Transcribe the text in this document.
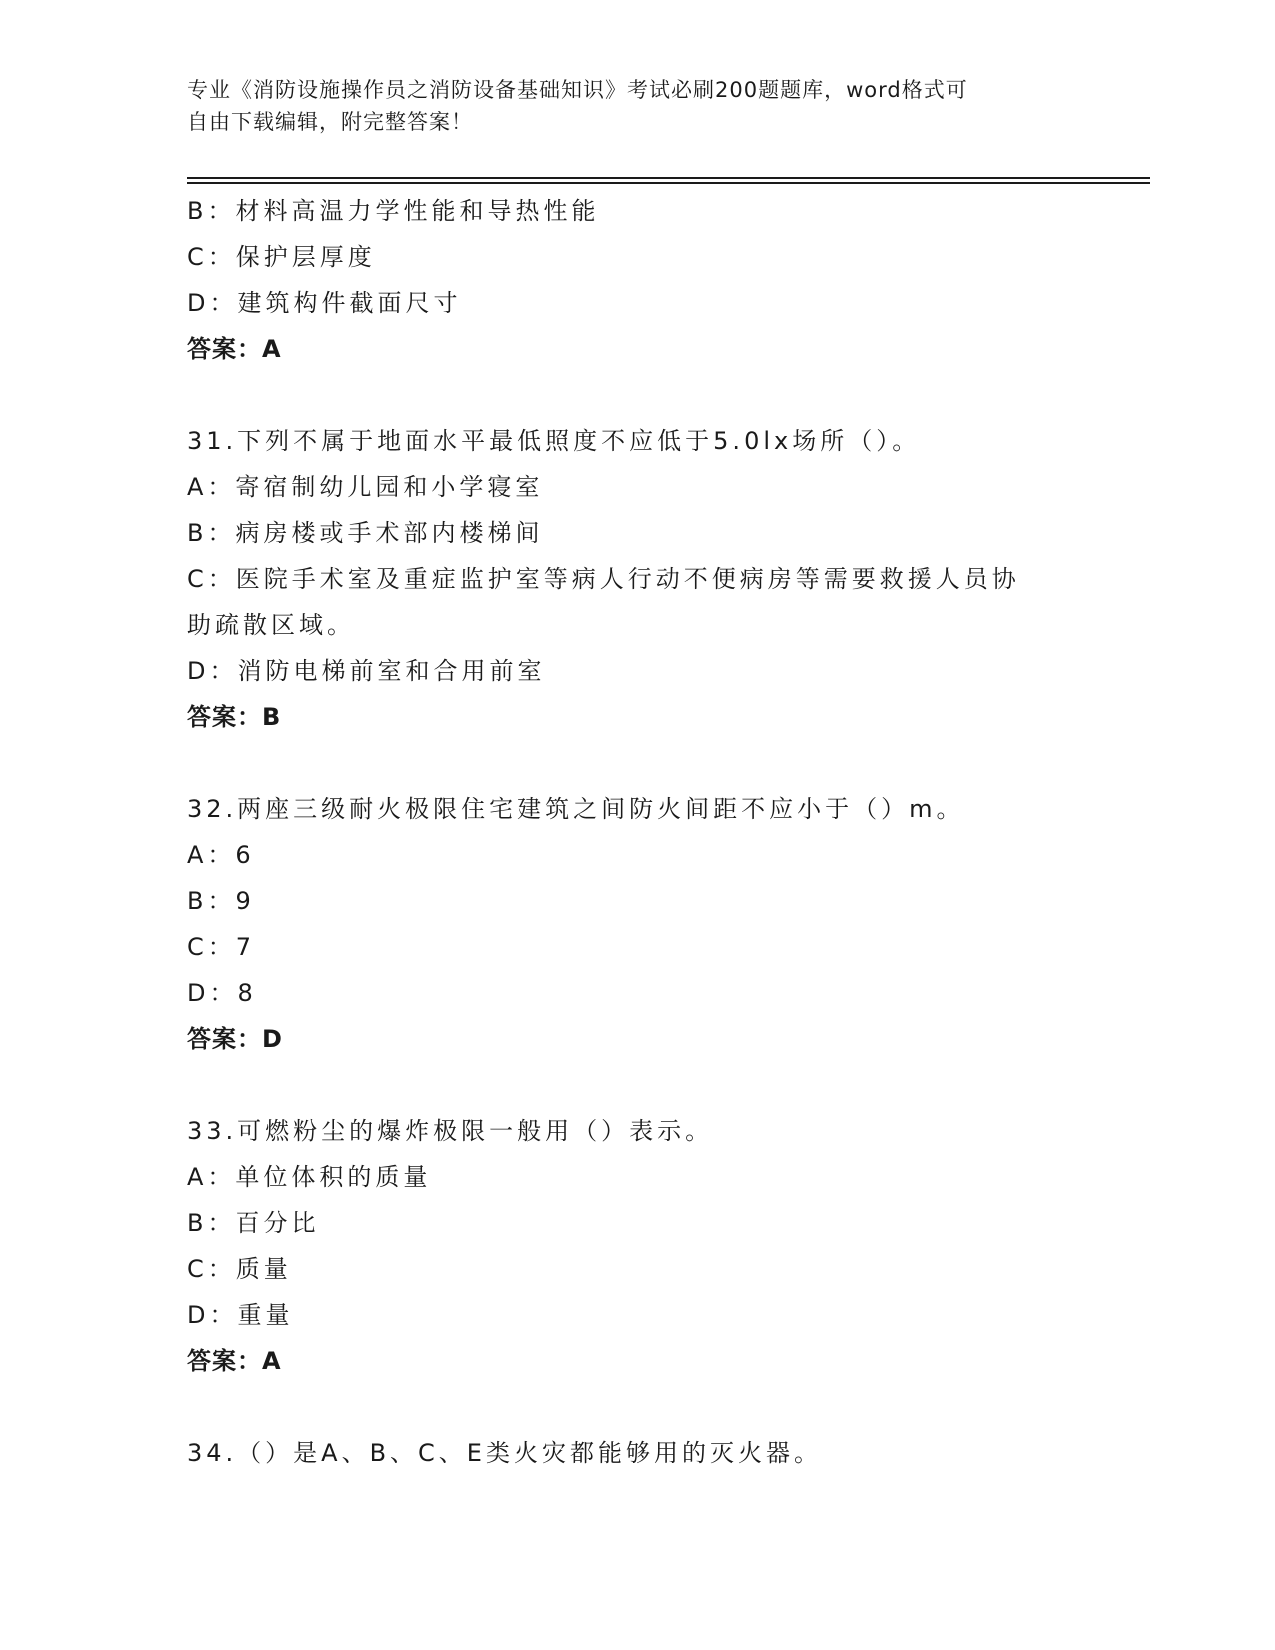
专业《消防设施操作员之消防设备基础知识》考试必刷200题题库，word格式可
自由下载编辑，附完整答案！
B：材料高温力学性能和导热性能
C：保护层厚度
D：建筑构件截面尺寸
答案：A
31.下列不属于地面水平最低照度不应低于5.0lx场所（）。
A：寄宿制幼儿园和小学寝室
B：病房楼或手术部内楼梯间
C：医院手术室及重症监护室等病人行动不便病房等需要救援人员协助疏散区域。
D：消防电梯前室和合用前室
答案：B
32.两座三级耐火极限住宅建筑之间防火间距不应小于（）m。
A：6
B：9
C：7
D：8
答案：D
33.可燃粉尘的爆炸极限一般用（）表示。
A：单位体积的质量
B：百分比
C：质量
D：重量
答案：A
34.（）是A、B、C、E类火灾都能够用的灭火器。
